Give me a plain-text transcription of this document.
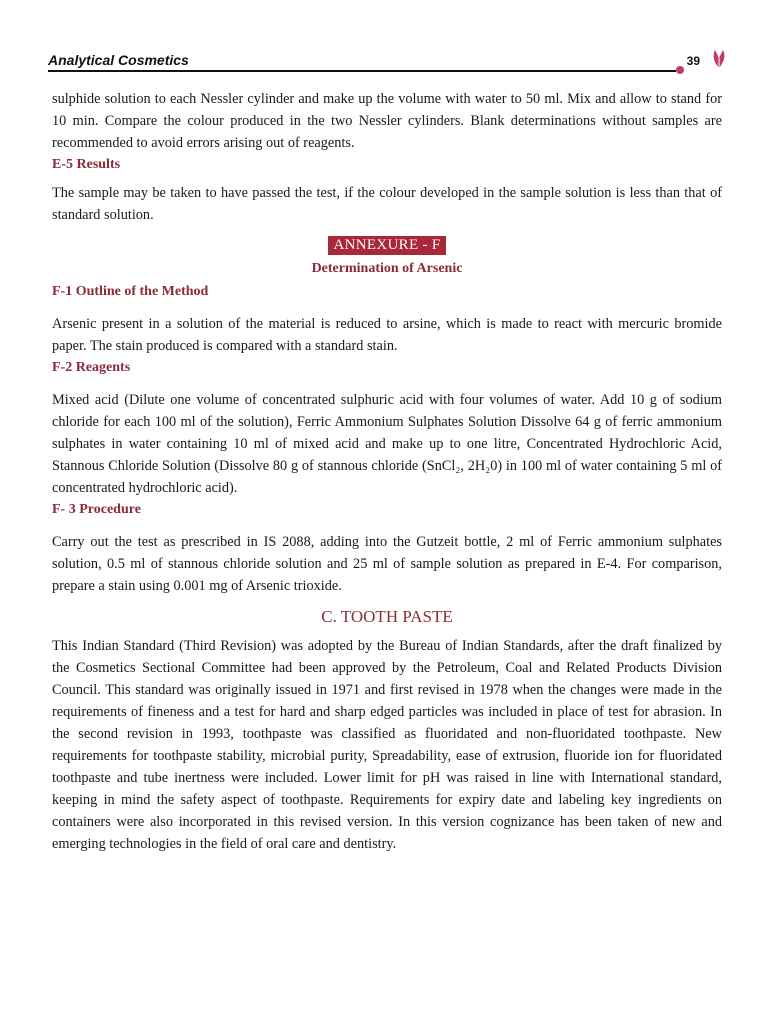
Analytical Cosmetics	39

sulphide solution to each Nessler cylinder and make up the volume with water to 50 ml. Mix and allow to stand for 10 min. Compare the colour produced in the two Nessler cylinders. Blank determinations without samples are recommended to avoid errors arising out of reagents.

E-5 Results

The sample may be taken to have passed the test, if the colour developed in the sample solution is less than that of standard solution.

ANNEXURE - F
Determination of Arsenic
F-1 Outline of the Method

Arsenic present in a solution of the material is reduced to arsine, which is made to react with mercuric bromide paper. The stain produced is compared with a standard stain.

F-2 Reagents

Mixed acid (Dilute one volume of concentrated sulphuric acid with four volumes of water. Add 10 g of sodium chloride for each 100 ml of the solution), Ferric Ammonium Sulphates Solution Dissolve 64 g of ferric ammonium sulphates in water containing 10 ml of mixed acid and make up to one litre, Concentrated Hydrochloric Acid, Stannous Chloride Solution (Dissolve 80 g of stannous chloride (SnCl₂, 2H₂0) in 100 ml of water containing 5 ml of concentrated hydrochloric acid).

F- 3 Procedure

Carry out the test as prescribed in IS 2088, adding into the Gutzeit bottle, 2 ml of Ferric ammonium sulphates solution, 0.5 ml of stannous chloride solution and 25 ml of sample solution as prepared in E-4. For comparison, prepare a stain using 0.001 mg of Arsenic trioxide.

C. TOOTH PASTE

This Indian Standard (Third Revision) was adopted by the Bureau of Indian Standards, after the draft finalized by the Cosmetics Sectional Committee had been approved by the Petroleum, Coal and Related Products Division Council. This standard was originally issued in 1971 and first revised in 1978 when the changes were made in the requirements of fineness and a test for hard and sharp edged particles was included in place of test for abrasion. In the second revision in 1993, toothpaste was classified as fluoridated and non-fluoridated toothpaste. New requirements for toothpaste stability, microbial purity, Spreadability, ease of extrusion, fluoride ion for fluoridated toothpaste and tube inertness were included. Lower limit for pH was raised in line with International standard, keeping in mind the safety aspect of toothpaste. Requirements for expiry date and labeling key ingredients on containers were also incorporated in this revised version. In this version cognizance has been taken of new and emerging technologies in the field of oral care and dentistry.
